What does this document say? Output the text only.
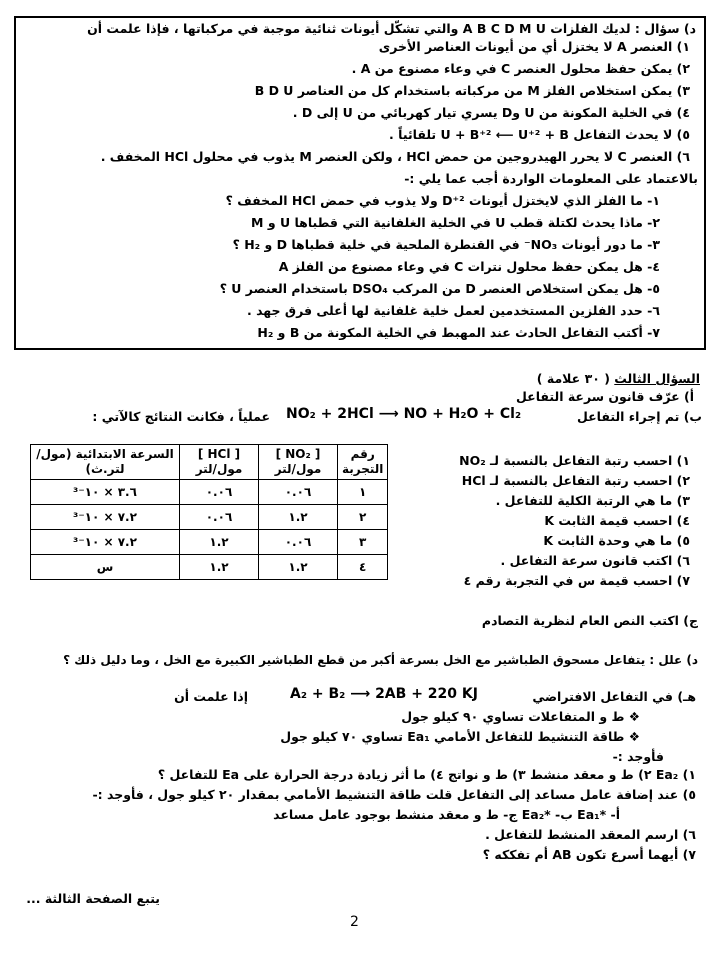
د) سؤال : لديك الفلزات A B C D M U والتي تشكّل أيونات ثنائية موجبة في مركباتها ، فإذا علمت أن
١) العنصر A لا يختزل أي من أيونات العناصر الأخرى
٢) يمكن حفظ محلول العنصر C في وعاء مصنوع من A .
٣) يمكن استخلاص الفلز M من مركباته باستخدام كل من العناصر B D U
٤) في الخلية المكونة من U وD يسري تيار كهربائي من U إلى D .
٥) لا يحدث التفاعل U + B⁺² ⟵ U⁺² + B تلقائياً .
٦) العنصر C لا يحرر الهيدروجين من حمض HCl ، ولكن العنصر M يذوب في محلول HCl المخفف .
بالاعتماد على المعلومات الواردة أجب عما يلي :-
١- ما الفلز الذي لايختزل أيونات D⁺² ولا يذوب في حمض HCl المخفف ؟
٢- ماذا يحدث لكتلة قطب U في الخلية الغلفانية التي قطباها U و M
٣- ما دور أيونات NO₃⁻ في القنطرة الملحية في خلية قطباها D و H₂ ؟
٤- هل يمكن حفظ محلول نترات C في وعاء مصنوع من الفلز A
٥- هل يمكن استخلاص العنصر D من المركب DSO₄ باستخدام العنصر U ؟
٦- حدد الفلزين المستخدمين لعمل خلية غلفانية لها أعلى فرق جهد .
٧- أكتب التفاعل الحادث عند المهبط في الخلية المكونة من B و H₂
السؤال الثالث ( ٣٠ علامة )
أ) عرّف قانون سرعة التفاعل
ب) تم إجراء التفاعل
NO₂ + 2HCl ⟶ NO + H₂O + Cl₂
عملياً ، فكانت النتائج كالآتي :
رقم التجربة	[ NO₂ ] مول/لتر	[ HCl ] مول/لتر	السرعة الابتدائية (مول/لتر.ث)
١	٠.٠٦	٠.٠٦	٣.٦ × ١٠⁻³
٢	١.٢	٠.٠٦	٧.٢ × ١٠⁻³
٣	٠.٠٦	١.٢	٧.٢ × ١٠⁻³
٤	١.٢	١.٢	س
١) احسب رتبة التفاعل بالنسبة لـ NO₂
٢) احسب رتبة التفاعل بالنسبة لـ HCl
٣) ما هي الرتبة الكلية للتفاعل .
٤) احسب قيمة الثابت K
٥) ما هي وحدة الثابت K
٦) اكتب قانون سرعة التفاعل .
٧) احسب قيمة س في التجربة رقم ٤
ج) اكتب النص العام لنظرية التصادم
د) علل : يتفاعل مسحوق الطباشير مع الخل بسرعة أكبر من قطع الطباشير الكبيرة مع الخل ، وما دليل ذلك ؟
هـ) في التفاعل الافتراضي
A₂ + B₂ ⟶ 2AB + 220 KJ
إذا علمت أن
❖ ط و المتفاعلات تساوي ٩٠ كيلو جول
❖ طاقة التنشيط للتفاعل الأمامي Ea₁ تساوي ٧٠ كيلو جول
فأوجد :-
١) Ea₂ ٢) ط و معقد منشط ٣) ط و نواتج ٤) ما أثر زيادة درجة الحرارة على Ea للتفاعل ؟
٥) عند إضافة عامل مساعد إلى التفاعل قلت طاقة التنشيط الأمامي بمقدار ٢٠ كيلو جول ، فأوجد :-
أ- *Ea₁ ب- *Ea₂ ج- ط و معقد منشط بوجود عامل مساعد
٦) ارسم المعقد المنشط للتفاعل .
٧) أيهما أسرع تكون AB أم تفككه ؟
يتبع الصفحة الثالثة ...
2
